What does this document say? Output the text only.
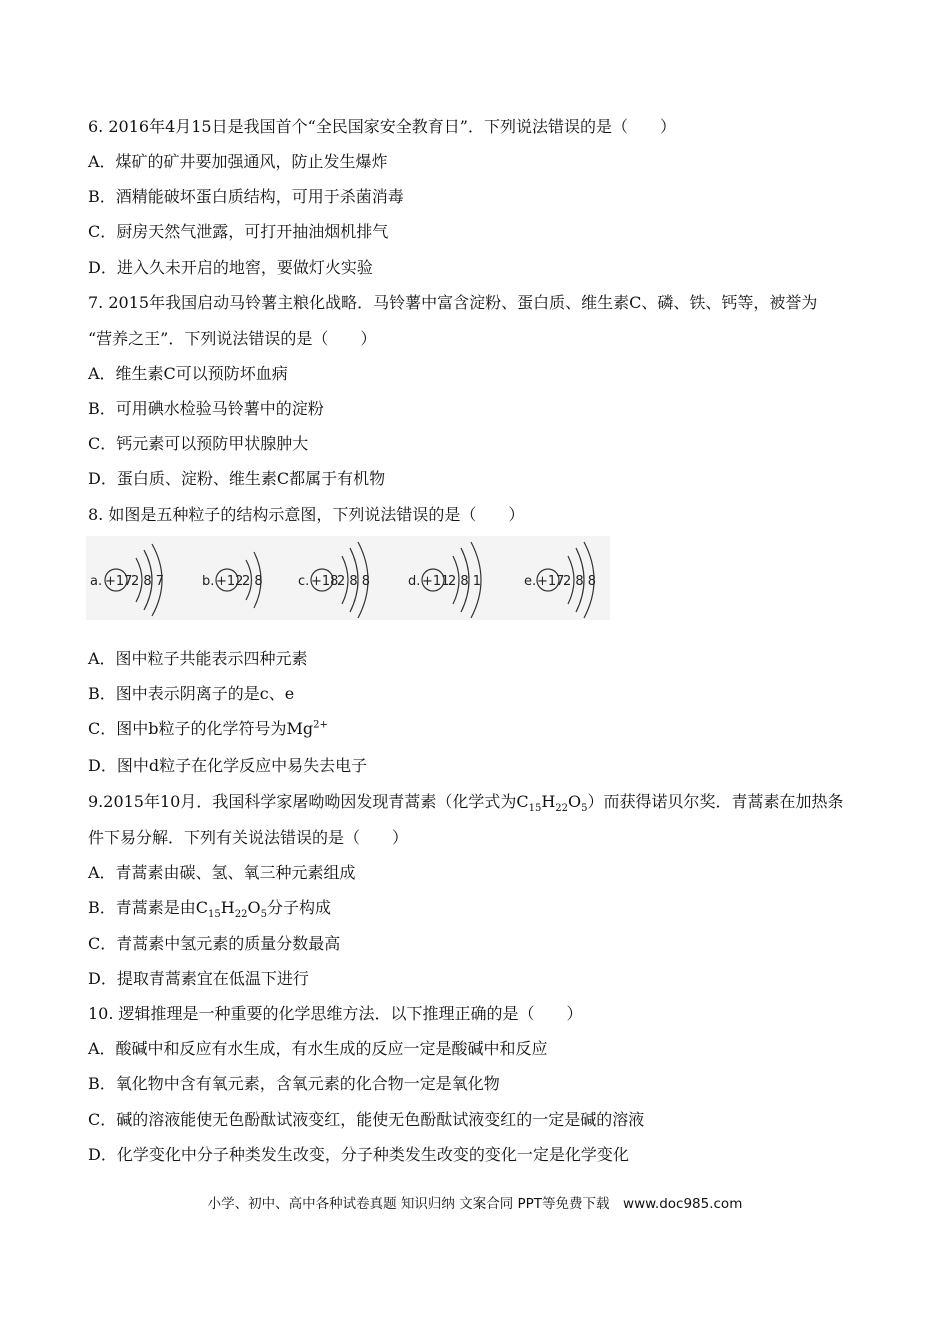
6. 2016年4月15日是我国首个“全民国家安全教育日”．下列说法错误的是（　　）
A．煤矿的矿井要加强通风，防止发生爆炸
B．酒精能破坏蛋白质结构，可用于杀菌消毒
C．厨房天然气泄露，可打开抽油烟机排气
D．进入久未开启的地窖，要做灯火实验
7. 2015年我国启动马铃薯主粮化战略．马铃薯中富含淀粉、蛋白质、维生素C、磷、铁、钙等，被誉为
“营养之王”．下列说法错误的是（　　）
A．维生素C可以预防坏血病
B．可用碘水检验马铃薯中的淀粉
C．钙元素可以预防甲状腺肿大
D．蛋白质、淀粉、维生素C都属于有机物
8. 如图是五种粒子的结构示意图，下列说法错误的是（　　）
a. +17
2 8 7	b. +12
2 8	c. +18
2 8 8	d. +11
2 8 1	e. +17
2 8 8
A．图中粒子共能表示四种元素
B．图中表示阴离子的是c、e
C．图中b粒子的化学符号为$Mg^{2+}$
D．图中d粒子在化学反应中易失去电子
9.2015年10月．我国科学家屠呦呦因发现青蒿素（化学式为$C_{15}H_{22}O_5$）而获得诺贝尔奖．青蒿素在加热条
件下易分解．下列有关说法错误的是（　　）
A．青蒿素由碳、氢、氧三种元素组成
B．青蒿素是由$C_{15}H_{22}O_5$分子构成
C．青蒿素中氢元素的质量分数最高
D．提取青蒿素宜在低温下进行
10. 逻辑推理是一种重要的化学思维方法．以下推理正确的是（　　）
A．酸碱中和反应有水生成，有水生成的反应一定是酸碱中和反应
B．氧化物中含有氧元素，含氧元素的化合物一定是氧化物
C．碱的溶液能使无色酚酞试液变红，能使无色酚酞试液变红的一定是碱的溶液
D．化学变化中分子种类发生改变，分子种类发生改变的变化一定是化学变化
小学、初中、高中各种试卷真题 知识归纳 文案合同 PPT等免费下载　www.doc985.com
